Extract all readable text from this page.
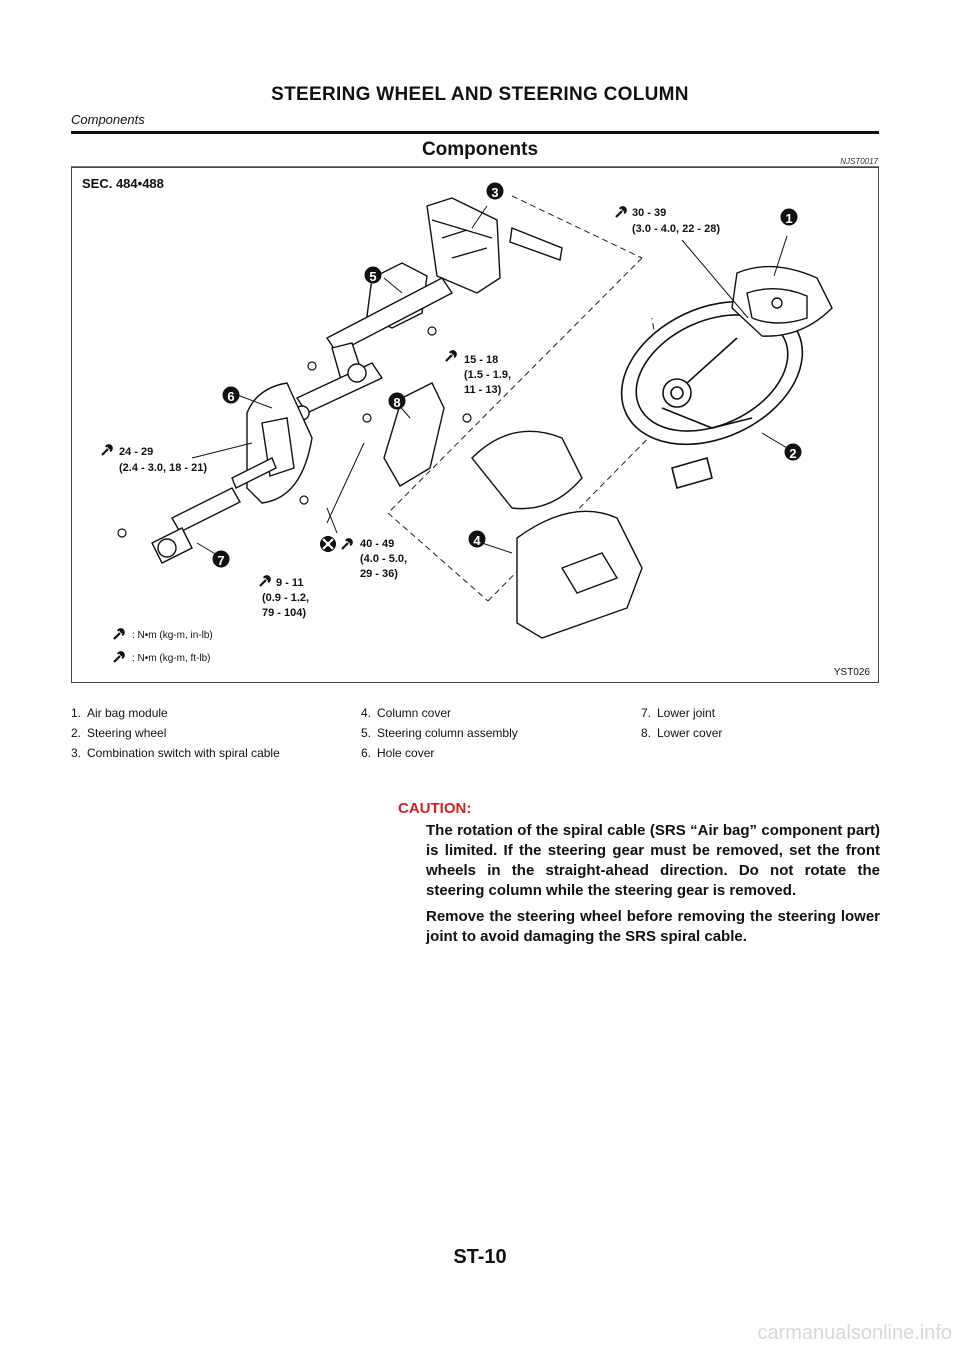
STEERING WHEEL AND STEERING COLUMN
Components
Components
NJST0017
SEC. 484•488
1
2
3
4
5
6
7
8
30 - 39
(3.0 - 4.0, 22 - 28)
15 - 18
(1.5 - 1.9,
11 - 13)
24 - 29
(2.4 - 3.0, 18 - 21)
40 - 49
(4.0 - 5.0,
29 - 36)
9 - 11
(0.9 - 1.2,
79 - 104)
: N•m (kg-m, in-lb)
: N•m (kg-m, ft-lb)
YST026
1. Air bag module
2. Steering wheel
3. Combination switch with spiral cable
4. Column cover
5. Steering column assembly
6. Hole cover
7. Lower joint
8. Lower cover
CAUTION:

The rotation of the spiral cable (SRS “Air bag” component part) is limited. If the steering gear must be removed, set the front wheels in the straight-ahead direction. Do not rotate the steering column while the steering gear is removed.

Remove the steering wheel before removing the steering lower joint to avoid damaging the SRS spiral cable.

ST-10
carmanualsonline.info
